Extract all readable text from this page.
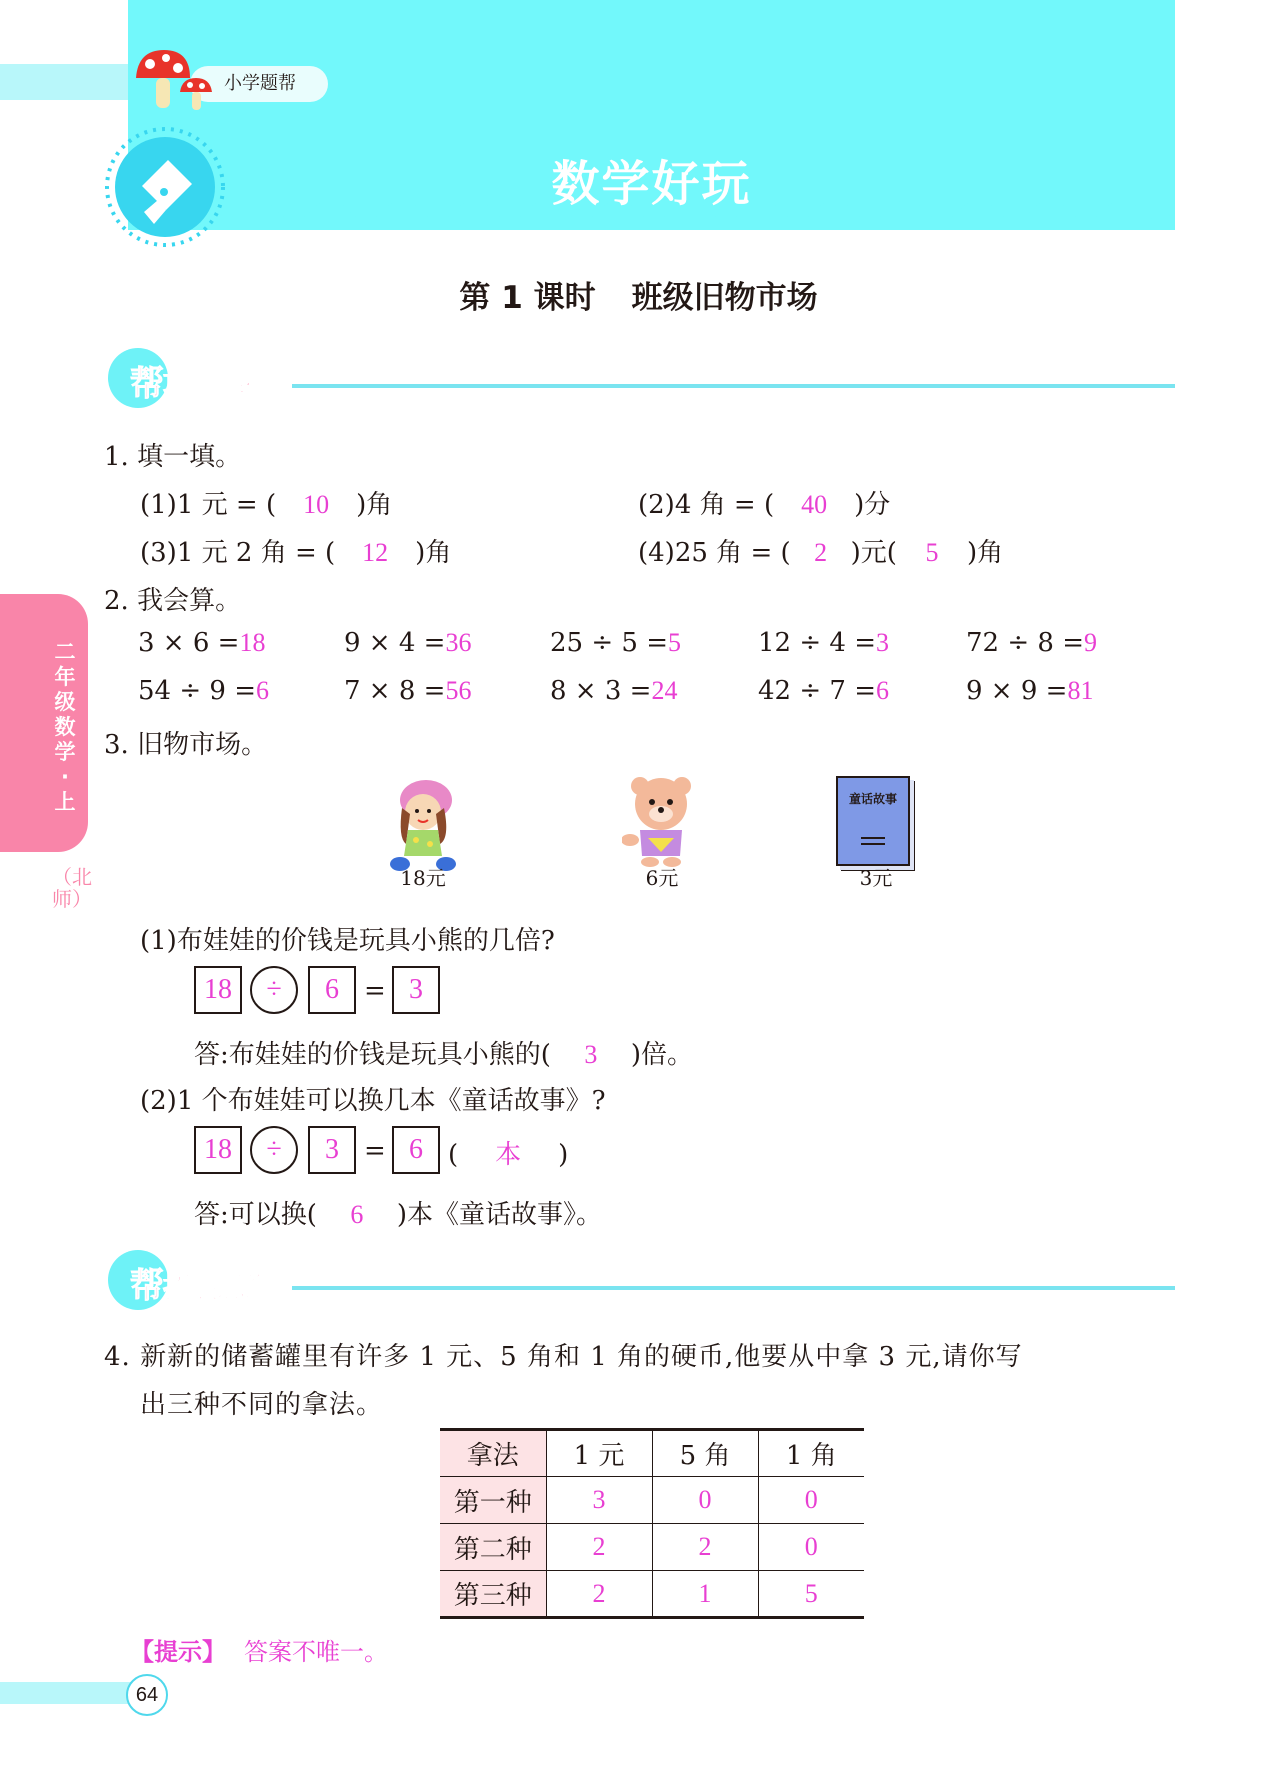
小学题帮
数学好玩
第 1 课时 班级旧物市场
帮巩固基础
二年级数学·上
（北师）
1. 填一填。
(1)1 元 = ( 10 )角	(2)4 角 = ( 40 )分
(3)1 元 2 角 = ( 12 )角	(4)25 角 = ( 2 )元( 5 )角
2. 我会算。
3 × 6 =18	9 × 4 =36	25 ÷ 5 =5	12 ÷ 4 =3	72 ÷ 8 =9
54 ÷ 9 =6	7 × 8 =56	8 × 3 =24	42 ÷ 7 =6	9 × 9 =81
3. 旧物市场。
18元	6元
童话故事
3元
(1)布娃娃的价钱是玩具小熊的几倍?
18	÷	6 = 3
答:布娃娃的价钱是玩具小熊的( 3 )倍。
(2)1 个布娃娃可以换几本《童话故事》?
18	÷	3 = 6 ( 本 )
答:可以换( 6 )本《童话故事》。
帮拓展思维
4. 新新的储蓄罐里有许多 1 元、5 角和 1 角的硬币,他要从中拿 3 元,请你写
出三种不同的拿法。
拿法	1 元	5 角	1 角
第一种	3	0	0
第二种	2	2	0
第三种	2	1	5
【提示】 答案不唯一。
64
